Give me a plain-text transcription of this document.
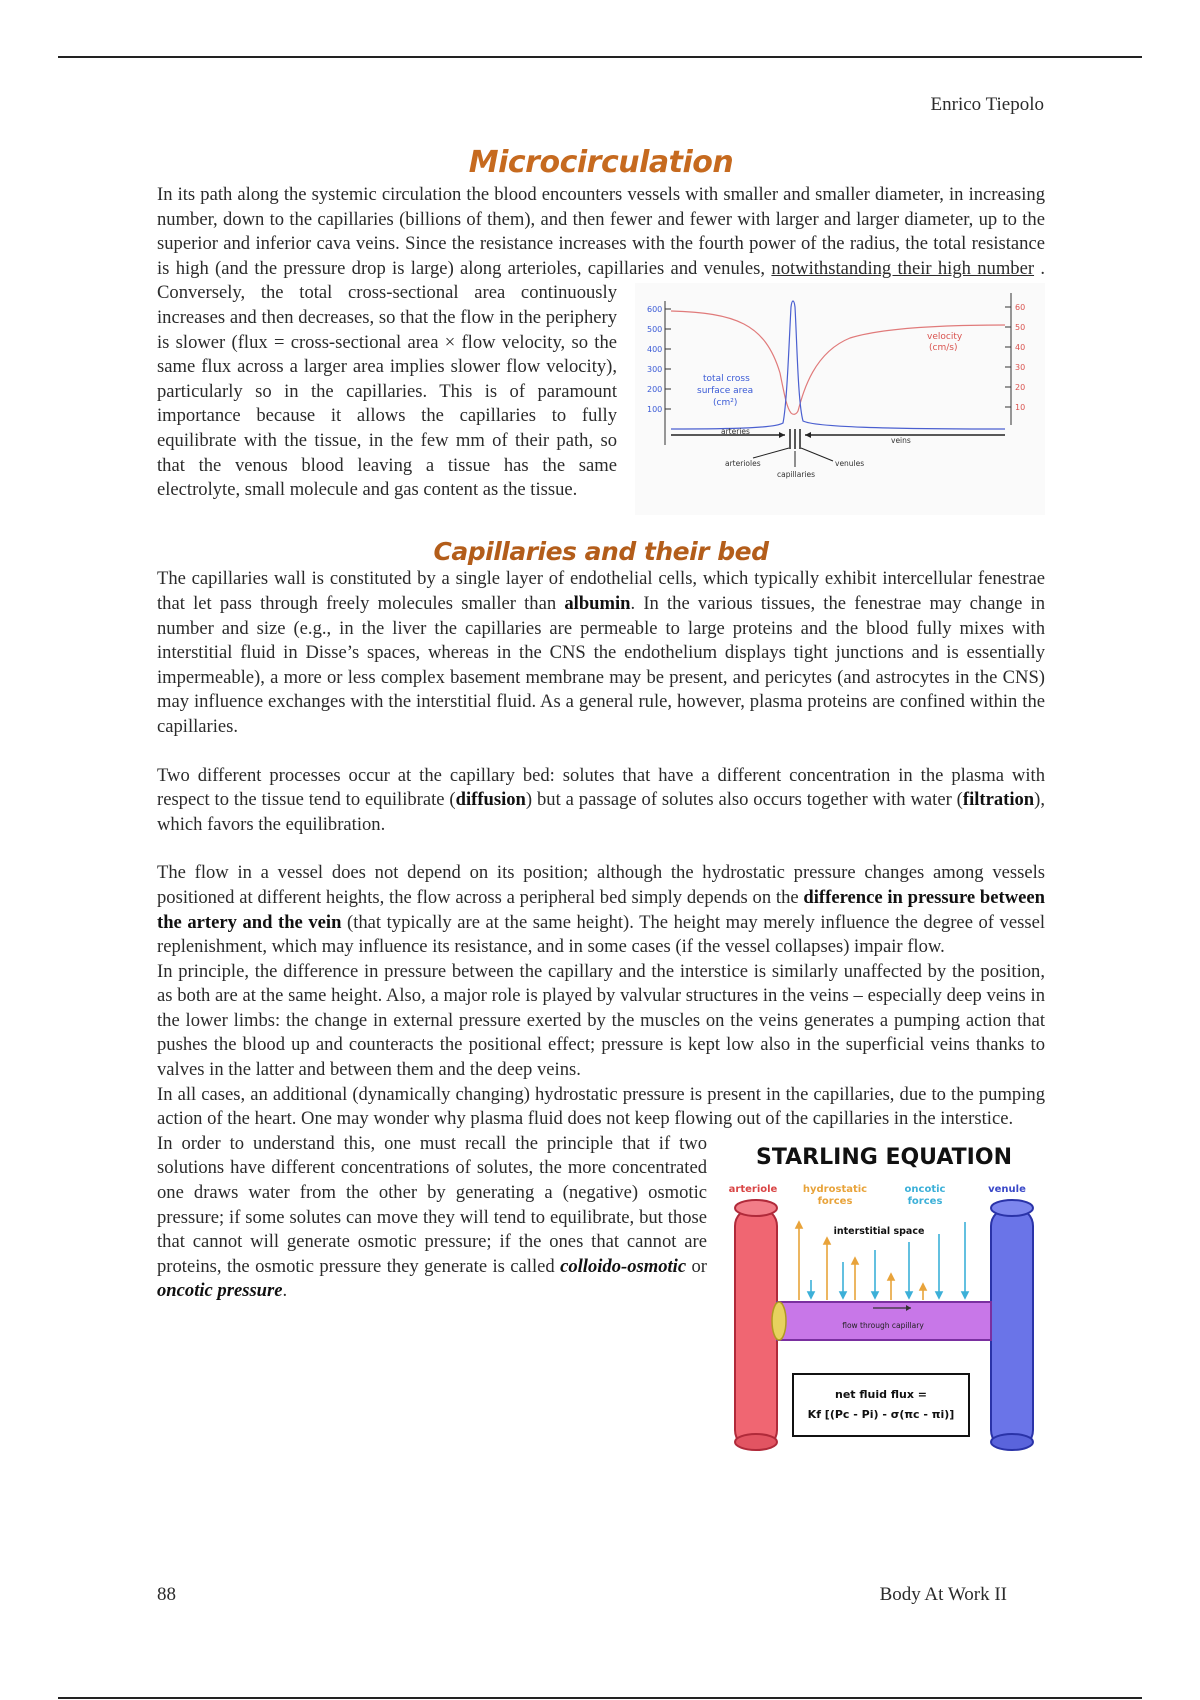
Enrico Tiepolo
Microcirculation

In its path along the systemic circulation the blood encounters vessels with smaller and smaller diameter, in increasing number, down to the capillaries (billions of them), and then fewer and fewer with larger and larger diameter, up to the superior and inferior cava veins. Since the resistance increases with the fourth power of the radius, the total resistance is high (and the pressure drop is large) along arterioles, capillaries and venules, notwithstanding their high number
600
500
400
300
200
100
60
50
40
30
20
10
total cross
surface area
(cm²)
velocity
(cm/s)
arteries
veins
arterioles	venules
capillaries
. Conversely, the total cross-sectional area continuously increases and then decreases, so that the flow in the periphery is slower (flux = cross-sectional area × flow velocity, so the same flux across a larger area implies slower flow velocity), particularly so in the capillaries. This is of paramount importance because it allows the capillaries to fully equilibrate with the tissue, in the few mm of their path, so that the venous blood leaving a tissue has the same electrolyte, small molecule and gas content as the tissue.

Capillaries and their bed

The capillaries wall is constituted by a single layer of endothelial cells, which typically exhibit intercellular fenestrae that let pass through freely molecules smaller than albumin. In the various tissues, the fenestrae may change in number and size (e.g., in the liver the capillaries are permeable to large proteins and the blood fully mixes with interstitial fluid in Disse’s spaces, whereas in the CNS the endothelium displays tight junctions and is essentially impermeable), a more or less complex basement membrane may be present, and pericytes (and astrocytes in the CNS) may influence exchanges with the interstitial fluid. As a general rule, however, plasma proteins are confined within the capillaries.

Two different processes occur at the capillary bed: solutes that have a different concentration in the plasma with respect to the tissue tend to equilibrate (diffusion) but a passage of solutes also occurs together with water (filtration), which favors the equilibration.

The flow in a vessel does not depend on its position; although the hydrostatic pressure changes among vessels positioned at different heights, the flow across a peripheral bed simply depends on the difference in pressure between the artery and the vein (that typically are at the same height). The height may merely influence the degree of vessel replenishment, which may influence its resistance, and in some cases (if the vessel collapses) impair flow.

In principle, the difference in pressure between the capillary and the interstice is similarly unaffected by the position, as both are at the same height. Also, a major role is played by valvular structures in the veins – especially deep veins in the lower limbs: the change in external pressure exerted by the muscles on the veins generates a pumping action that pushes the blood up and counteracts the positional effect; pressure is kept low also in the superficial veins thanks to valves in the latter and between them and the deep veins.

In all cases, an additional (dynamically changing) hydrostatic pressure is present in the capillaries, due to the pumping action of the heart. One may wonder why plasma fluid does not keep flowing out of the capillaries in the interstice.

STARLING EQUATION
arteriole	hydrostatic
forces
oncotic
forces
venule
flow through capillary
interstitial space
net fluid flux =
Kf [(Pc - Pi) - σ(πc - πi)]
In order to understand this, one must recall the principle that if two solutions have different concentrations of solutes, the more concentrated one draws water from the other by generating a (negative) osmotic pressure; if some solutes can move they will tend to equilibrate, but those that cannot will generate osmotic pressure; if the ones that cannot are proteins, the osmotic pressure they generate is called colloido-osmotic or oncotic pressure.

88	Body At Work II
